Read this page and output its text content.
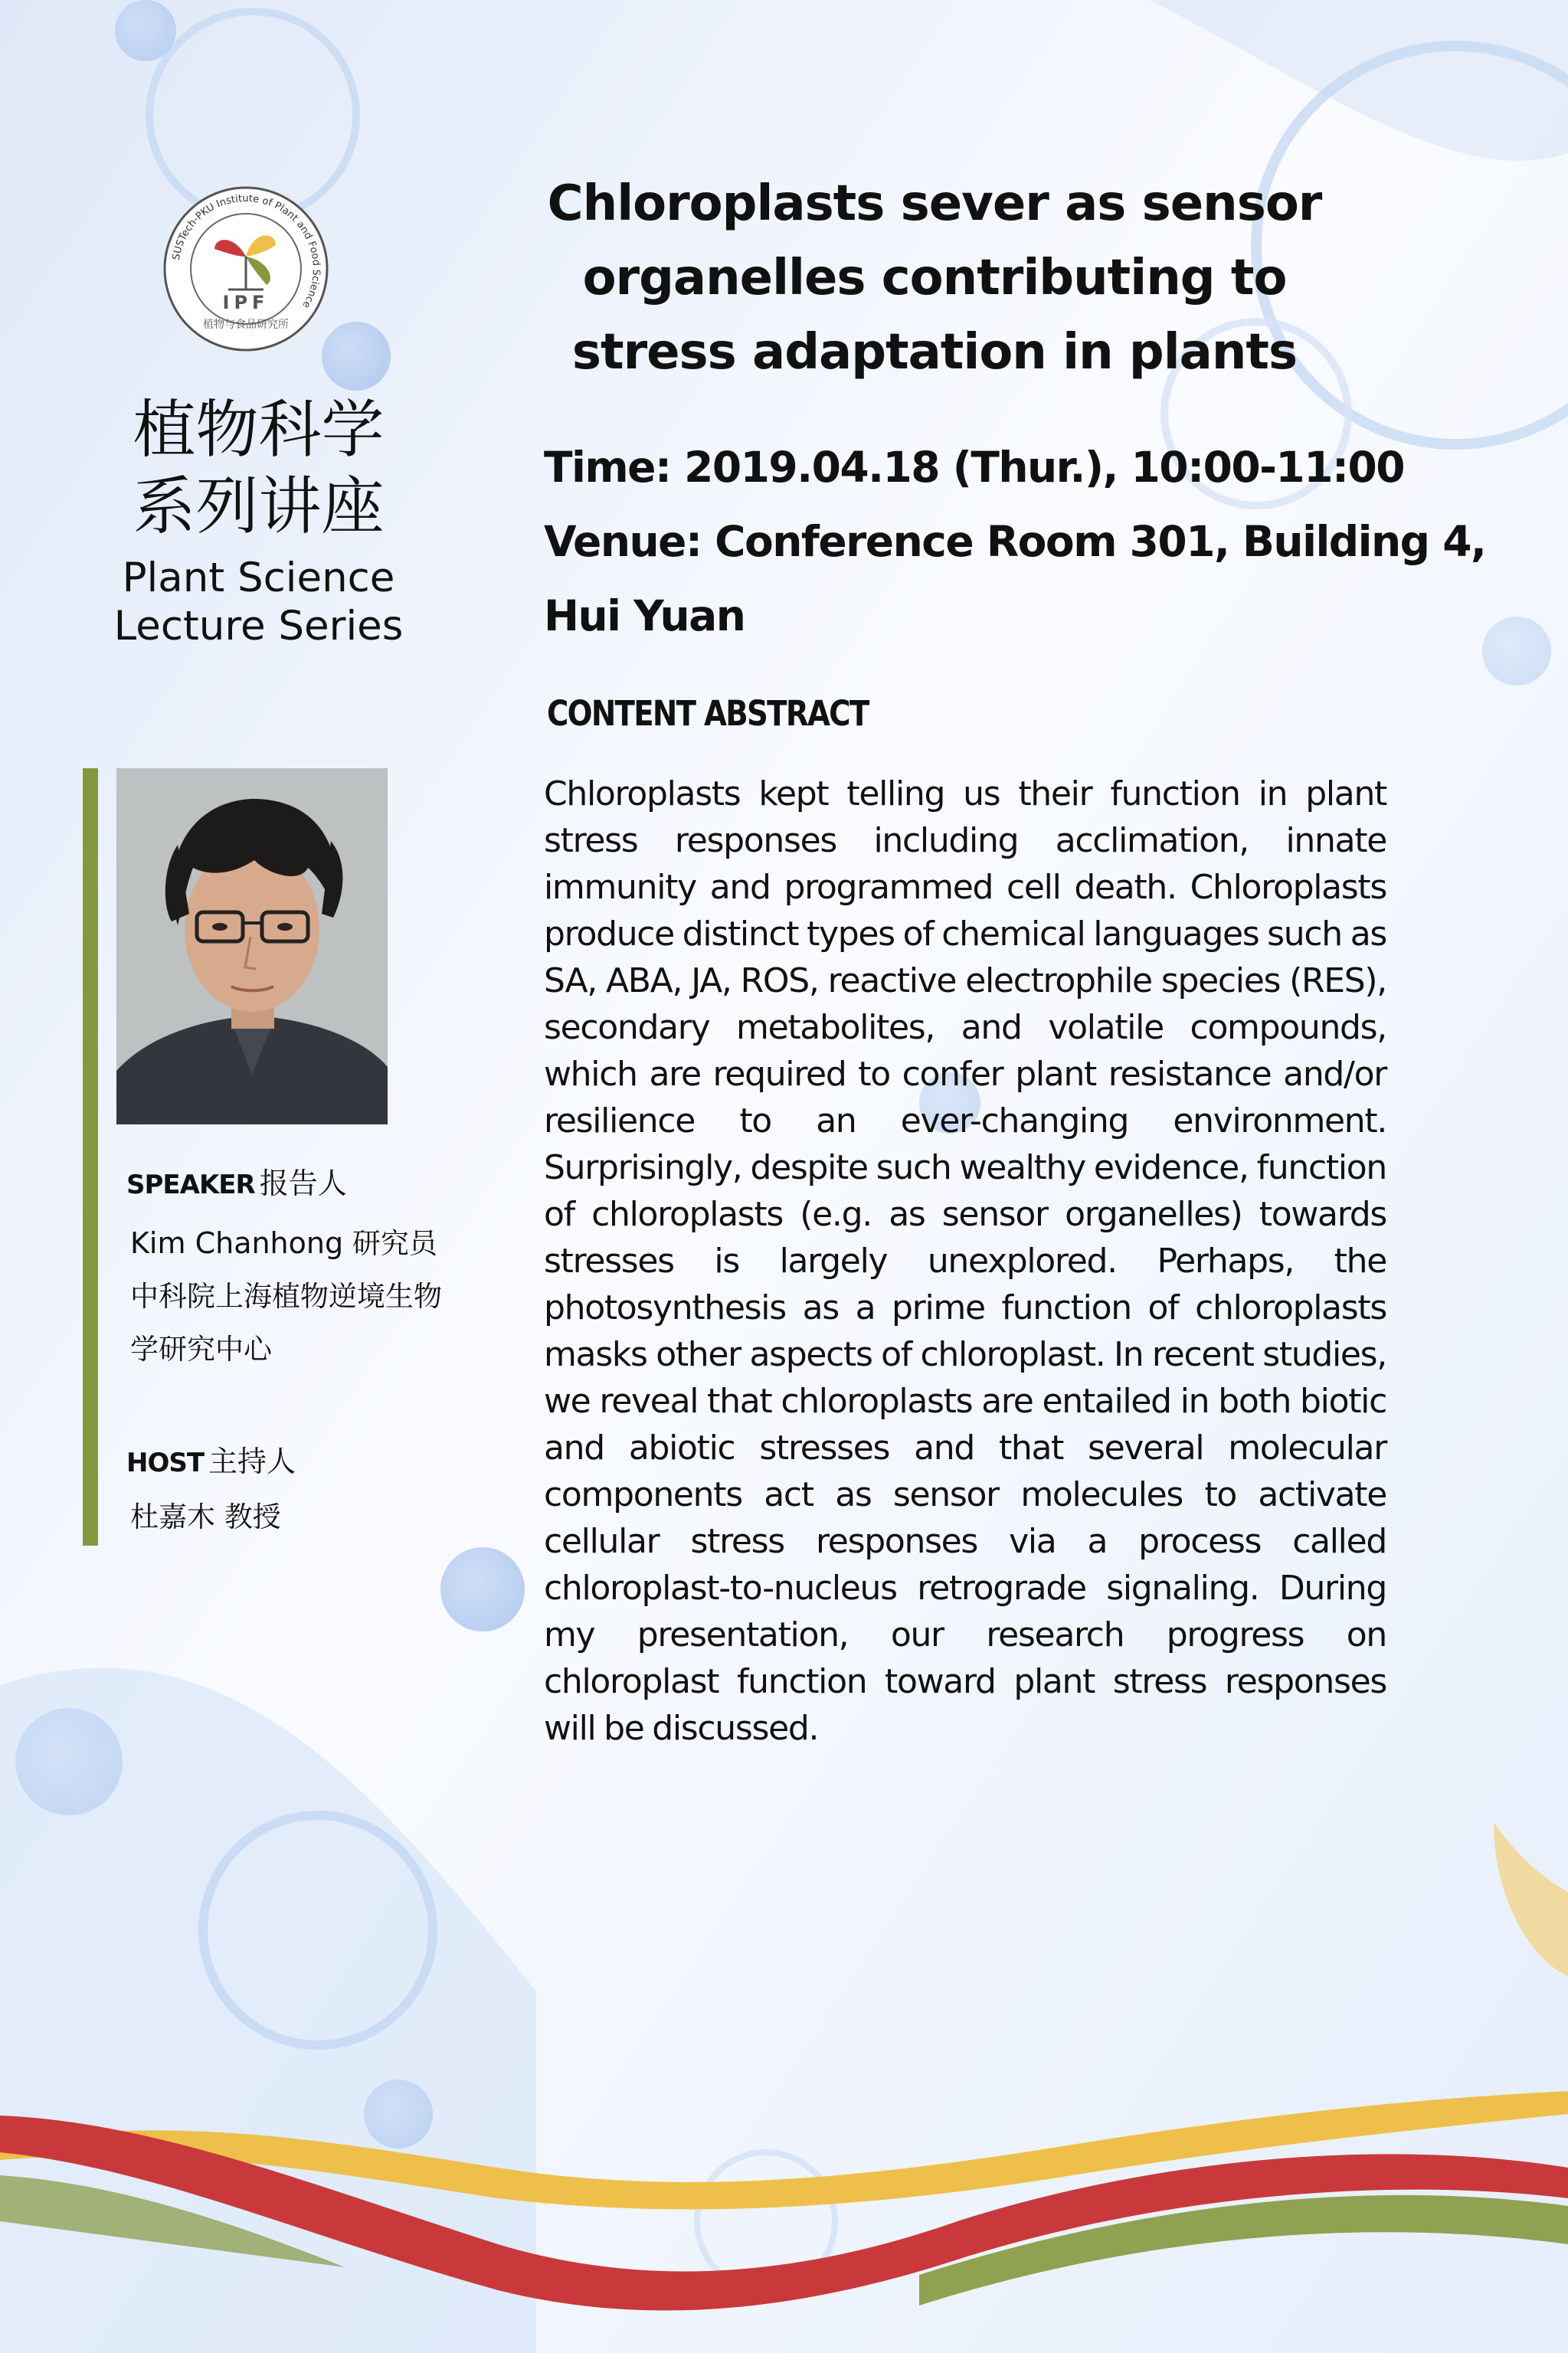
SUSTech-PKU Institute of Plant and Food Science
IPF
植物与食品研究所
植物科学
系列讲座
Plant Science
Lecture Series
SPEAKER 报告人
Kim Chanhong 研究员
中科院上海植物逆境生物
学研究中心
HOST 主持人
杜嘉木 教授
Chloroplasts sever as sensor
organelles contributing to
stress adaptation in plants
Time: 2019.04.18 (Thur.), 10:00-11:00
Venue: Conference Room 301, Building 4,
Hui Yuan
CONTENT ABSTRACT
Chloroplasts kept telling us their function in plant stress responses including acclimation, innate immunity and programmed cell death. Chloroplasts produce distinct types of chemical languages such as SA, ABA, JA, ROS, reactive electrophile species (RES), secondary metabolites, and volatile compounds, which are required to confer plant resistance and/or resilience to an ever-changing environment. Surprisingly, despite such wealthy evidence, function of chloroplasts (e.g. as sensor organelles) towards stresses is largely unexplored. Perhaps, the photosynthesis as a prime function of chloroplasts masks other aspects of chloroplast. In recent studies, we reveal that chloroplasts are entailed in both biotic and abiotic stresses and that several molecular components act as sensor molecules to activate cellular stress responses via a process called chloroplast-to-nucleus retrograde signaling. During my presentation, our research progress on chloroplast function toward plant stress responses will be discussed.
